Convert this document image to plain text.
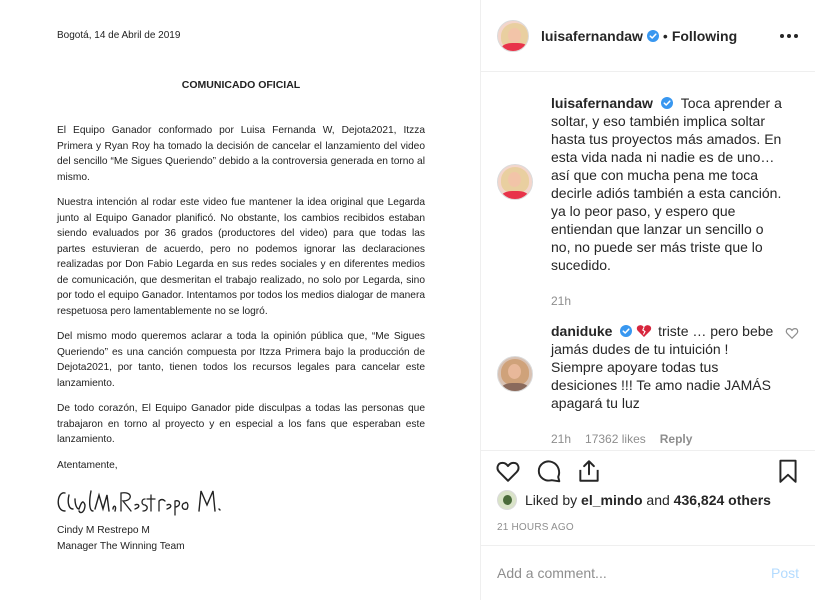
Bogotá, 14 de Abril de 2019
COMUNICADO OFICIAL

El Equipo Ganador conformado por Luisa Fernanda W, Dejota2021, Itzza Primera y Ryan Roy ha tomado la decisión de cancelar el lanzamiento del video del sencillo “Me Sigues Queriendo” debido a la controversia generada en torno al mismo.

Nuestra intención al rodar este video fue mantener la idea original que Legarda junto al Equipo Ganador planificó. No obstante, los cambios recibidos estaban siendo evaluados por 36 grados (productores del video) para que todas las partes estuvieran de acuerdo, pero no podemos ignorar las declaraciones realizadas por Don Fabio Legarda en sus redes sociales y en diferentes medios de comunicación, que desmeritan el trabajo realizado, no solo por Legarda, sino por todo el equipo Ganador. Intentamos por todos los medios dialogar de manera respetuosa pero lamentablemente no se logró.

Del mismo modo queremos aclarar a toda la opinión pública que, “Me Sigues Queriendo” es una canción compuesta por Itzza Primera bajo la producción de Dejota2021, por tanto, tienen todos los recursos legales para cancelar este lanzamiento.

De todo corazón, El Equipo Ganador pide disculpas a todas las personas que trabajaron en torno al proyecto y en especial a los fans que esperaban este lanzamiento.

Atentamente,
Cindy M Restrepo M
Manager The Winning Team
luisafernandaw • Following
luisafernandaw Toca aprender a soltar, y eso también implica soltar hasta tus proyectos más amados. En esta vida nada ni nadie es de uno… así que con mucha pena me toca decirle adiós también a esta canción. ya lo peor paso, y espero que entiendan que lanzar un sencillo o no, no puede ser más triste que lo sucedido.
21h
daniduke	triste … pero bebe jamás dudes de tu intuición ! Siempre apoyare todas tus desiciones !!! Te amo nadie JAMÁS apagará tu luz
21h 17362 likes Reply
Liked by
el_mindo
and
436,824 others
21 HOURS AGO
Add a comment...
Post
